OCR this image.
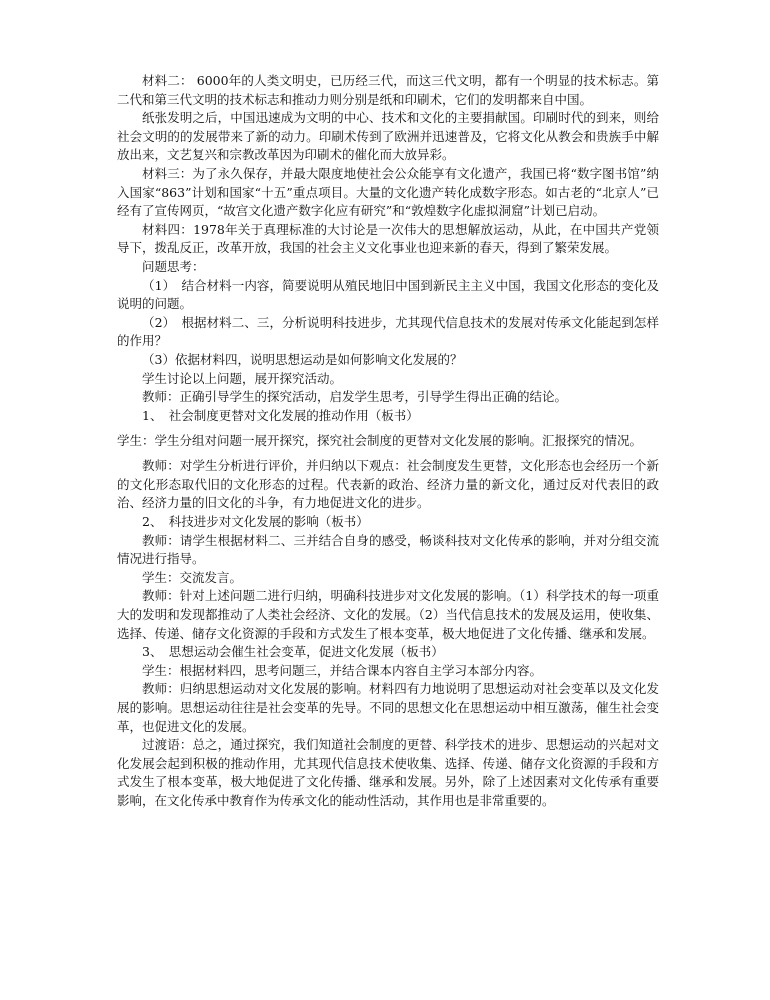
材料二： 6000年的人类文明史，已历经三代，而这三代文明，都有一个明显的技术标志。第二代和第三代文明的技术标志和推动力则分别是纸和印刷术，它们的发明都来自中国。

纸张发明之后，中国迅速成为文明的中心、技术和文化的主要捐献国。印刷时代的到来，则给社会文明的的发展带来了新的动力。印刷术传到了欧洲并迅速普及，它将文化从教会和贵族手中解放出来，文艺复兴和宗教改革因为印刷术的催化而大放异彩。

材料三：为了永久保存，并最大限度地使社会公众能享有文化遗产，我国已将“数字图书馆”纳入国家“863”计划和国家“十五”重点项目。大量的文化遗产转化成数字形态。如古老的“北京人”已经有了宣传网页，“故宫文化遗产数字化应有研究”和“敦煌数字化虚拟洞窟”计划已启动。

材料四：1978年关于真理标准的大讨论是一次伟大的思想解放运动，从此，在中国共产党领导下，拨乱反正，改革开放，我国的社会主义文化事业也迎来新的春天，得到了繁荣发展。

问题思考：

（1）　结合材料一内容，简要说明从殖民地旧中国到新民主主义中国，我国文化形态的变化及说明的问题。

（2）　根据材料二、三，分析说明科技进步，尤其现代信息技术的发展对传承文化能起到怎样的作用？

（3）依据材料四，说明思想运动是如何影响文化发展的？

学生讨论以上问题，展开探究活动。

教师：正确引导学生的探究活动，启发学生思考，引导学生得出正确的结论。

1、　社会制度更替对文化发展的推动作用（板书）

学生：学生分组对问题一展开探究，探究社会制度的更替对文化发展的影响。汇报探究的情况。

教师：对学生分析进行评价，并归纳以下观点：社会制度发生更替，文化形态也会经历一个新的文化形态取代旧的文化形态的过程。代表新的政治、经济力量的新文化，通过反对代表旧的政治、经济力量的旧文化的斗争，有力地促进文化的进步。

2、　科技进步对文化发展的影响（板书）

教师：请学生根据材料二、三并结合自身的感受，畅谈科技对文化传承的影响，并对分组交流情况进行指导。

学生：交流发言。

教师：针对上述问题二进行归纳，明确科技进步对文化发展的影响。（1）科学技术的每一项重大的发明和发现都推动了人类社会经济、文化的发展。（2）当代信息技术的发展及运用，使收集、选择、传递、储存文化资源的手段和方式发生了根本变革，极大地促进了文化传播、继承和发展。

3、　思想运动会催生社会变革，促进文化发展（板书）

学生：根据材料四，思考问题三，并结合课本内容自主学习本部分内容。

教师：归纳思想运动对文化发展的影响。材料四有力地说明了思想运动对社会变革以及文化发展的影响。思想运动往往是社会变革的先导。不同的思想文化在思想运动中相互激荡，催生社会变革，也促进文化的发展。

过渡语：总之，通过探究，我们知道社会制度的更替、科学技术的进步、思想运动的兴起对文化发展会起到积极的推动作用，尤其现代信息技术使收集、选择、传递、储存文化资源的手段和方式发生了根本变革，极大地促进了文化传播、继承和发展。另外，除了上述因素对文化传承有重要影响，在文化传承中教育作为传承文化的能动性活动，其作用也是非常重要的。
